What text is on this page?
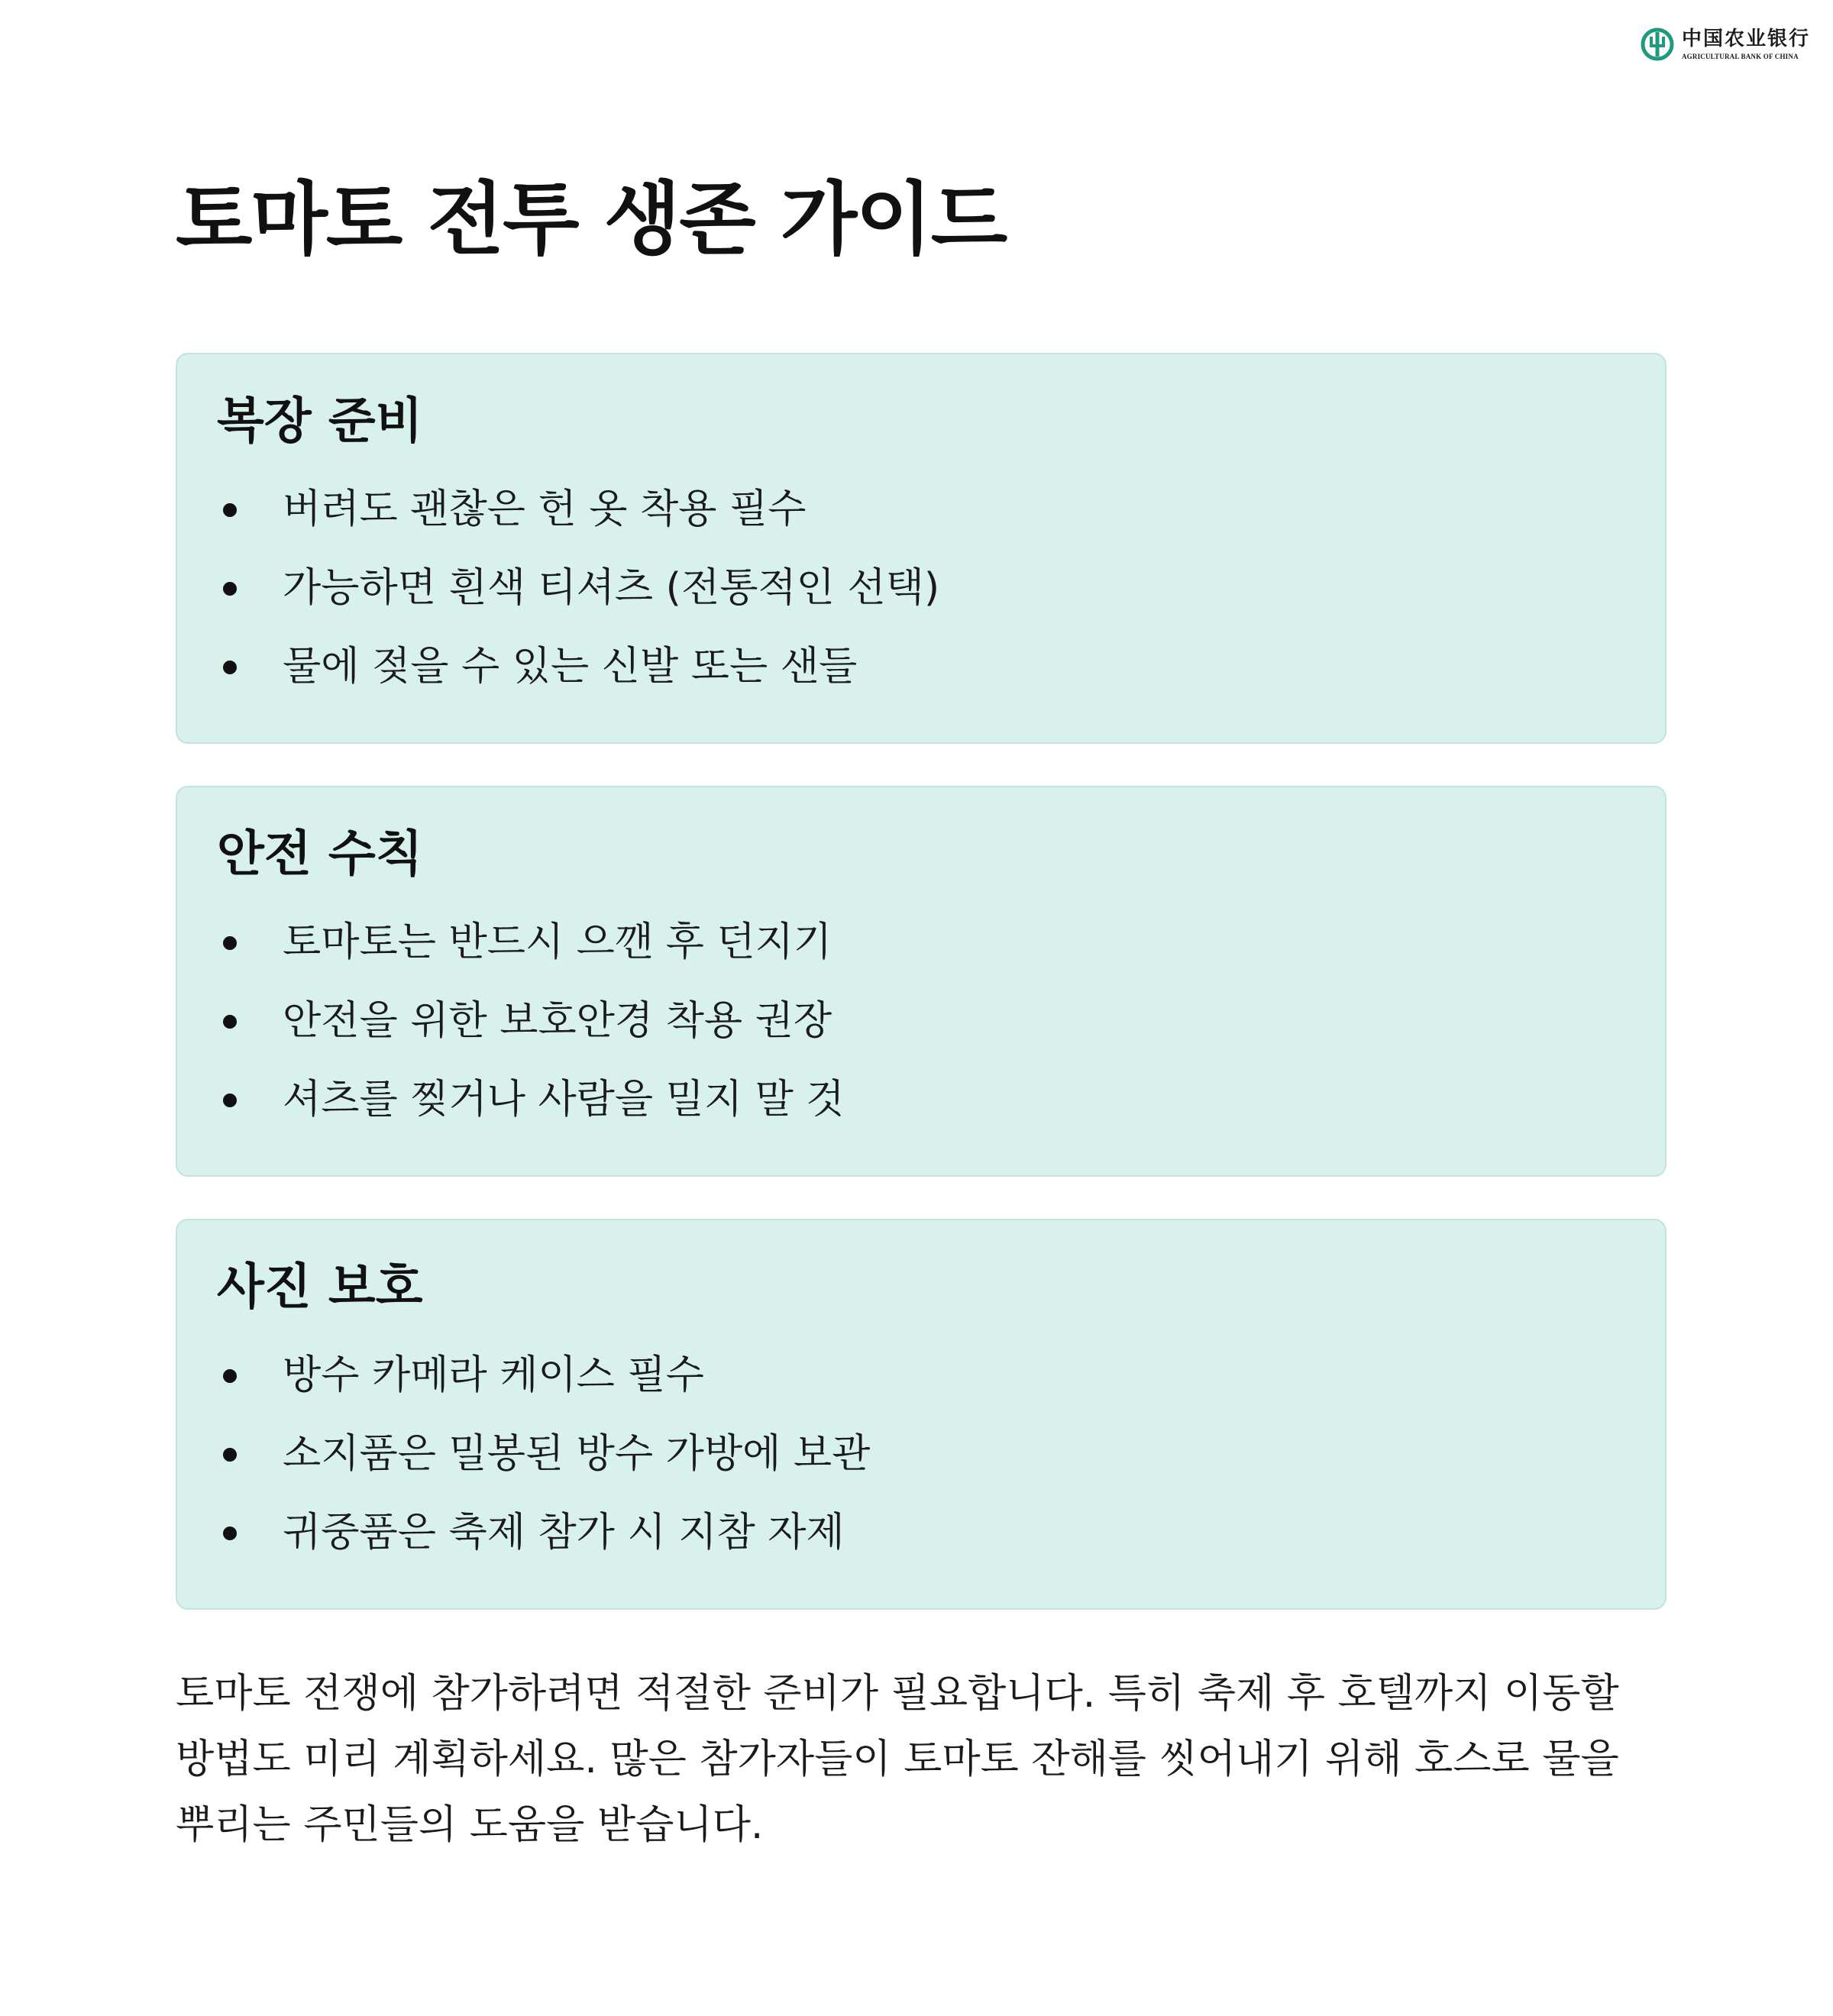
中国农业银行
AGRICULTURAL BANK OF CHINA
토마토 전투 생존 가이드
복장 준비
버려도 괜찮은 헌 옷 착용 필수
가능하면 흰색 티셔츠 (전통적인 선택)
물에 젖을 수 있는 신발 또는 샌들
안전 수칙
토마토는 반드시 으깬 후 던지기
안전을 위한 보호안경 착용 권장
셔츠를 찢거나 사람을 밀지 말 것
사진 보호
방수 카메라 케이스 필수
소지품은 밀봉된 방수 가방에 보관
귀중품은 축제 참가 시 지참 자제

토마토 전쟁에 참가하려면 적절한 준비가 필요합니다. 특히 축제 후 호텔까지 이동할 방법도 미리 계획하세요. 많은 참가자들이 토마토 잔해를 씻어내기 위해 호스로 물을 뿌리는 주민들의 도움을 받습니다.
